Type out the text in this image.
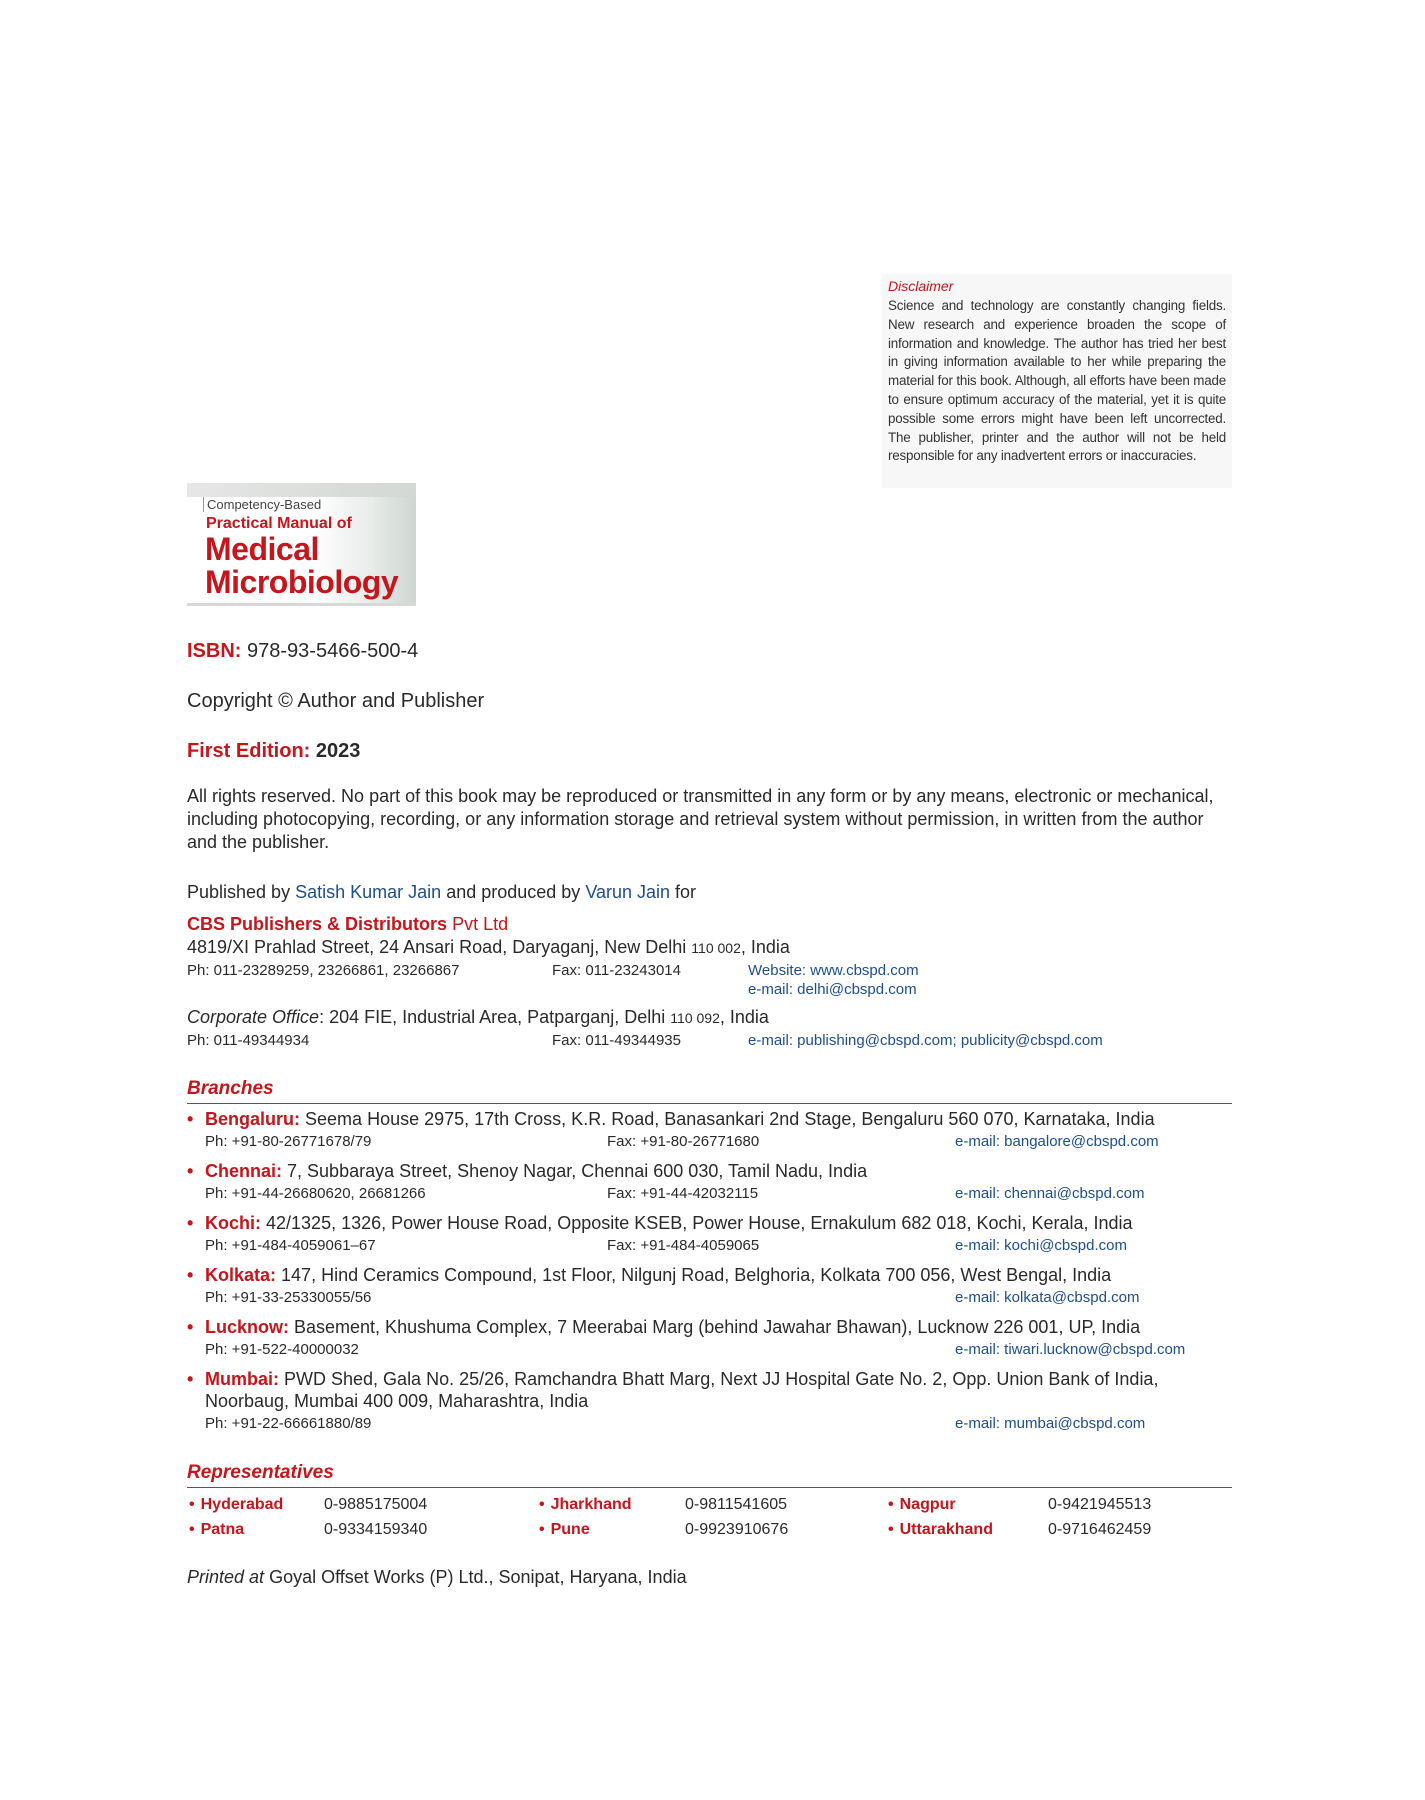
Disclaimer
Science and technology are constantly changing fields. New research and experience broaden the scope of information and knowledge. The author has tried her best in giving information available to her while preparing the material for this book. Although, all efforts have been made to ensure optimum accuracy of the material, yet it is quite possible some errors might have been left uncorrected. The publisher, printer and the author will not be held responsible for any inadvertent errors or inaccuracies.
Competency-Based
Practical Manual of
Medical
Microbiology
ISBN: 978-93-5466-500-4
Copyright © Author and Publisher
First Edition: 2023
All rights reserved. No part of this book may be reproduced or transmitted in any form or by any means, electronic or mechanical, including photocopying, recording, or any information storage and retrieval system without permission, in written from the author and the publisher.
Published by Satish Kumar Jain and produced by Varun Jain for
CBS Publishers & Distributors Pvt Ltd
4819/XI Prahlad Street, 24 Ansari Road, Daryaganj, New Delhi 110 002, India
Ph: 011-23289259, 23266861, 23266867	Fax: 011-23243014	Website: www.cbspd.com
e-mail: delhi@cbspd.com
Corporate Office: 204 FIE, Industrial Area, Patparganj, Delhi 110 092, India
Ph: 011-49344934	Fax: 011-49344935	e-mail: publishing@cbspd.com; publicity@cbspd.com
Branches
• Bengaluru: Seema House 2975, 17th Cross, K.R. Road, Banasankari 2nd Stage, Bengaluru 560 070, Karnataka, India
Ph: +91-80-26771678/79	Fax: +91-80-26771680	e-mail: bangalore@cbspd.com
• Chennai: 7, Subbaraya Street, Shenoy Nagar, Chennai 600 030, Tamil Nadu, India
Ph: +91-44-26680620, 26681266	Fax: +91-44-42032115	e-mail: chennai@cbspd.com
• Kochi: 42/1325, 1326, Power House Road, Opposite KSEB, Power House, Ernakulum 682 018, Kochi, Kerala, India
Ph: +91-484-4059061–67	Fax: +91-484-4059065	e-mail: kochi@cbspd.com
• Kolkata: 147, Hind Ceramics Compound, 1st Floor, Nilgunj Road, Belghoria, Kolkata 700 056, West Bengal, India
Ph: +91-33-25330055/56	e-mail: kolkata@cbspd.com
• Lucknow: Basement, Khushuma Complex, 7 Meerabai Marg (behind Jawahar Bhawan), Lucknow 226 001, UP, India
Ph: +91-522-40000032	e-mail: tiwari.lucknow@cbspd.com
• Mumbai: PWD Shed, Gala No. 25/26, Ramchandra Bhatt Marg, Next JJ Hospital Gate No. 2, Opp. Union Bank of India, Noorbaug, Mumbai 400 009, Maharashtra, India
Ph: +91-22-66661880/89	e-mail: mumbai@cbspd.com
Representatives
• Hyderabad	0-9885175004	• Jharkhand	0-9811541605	• Nagpur	0-9421945513
• Patna	0-9334159340	• Pune	0-9923910676	• Uttarakhand	0-9716462459
Printed at Goyal Offset Works (P) Ltd., Sonipat, Haryana, India
